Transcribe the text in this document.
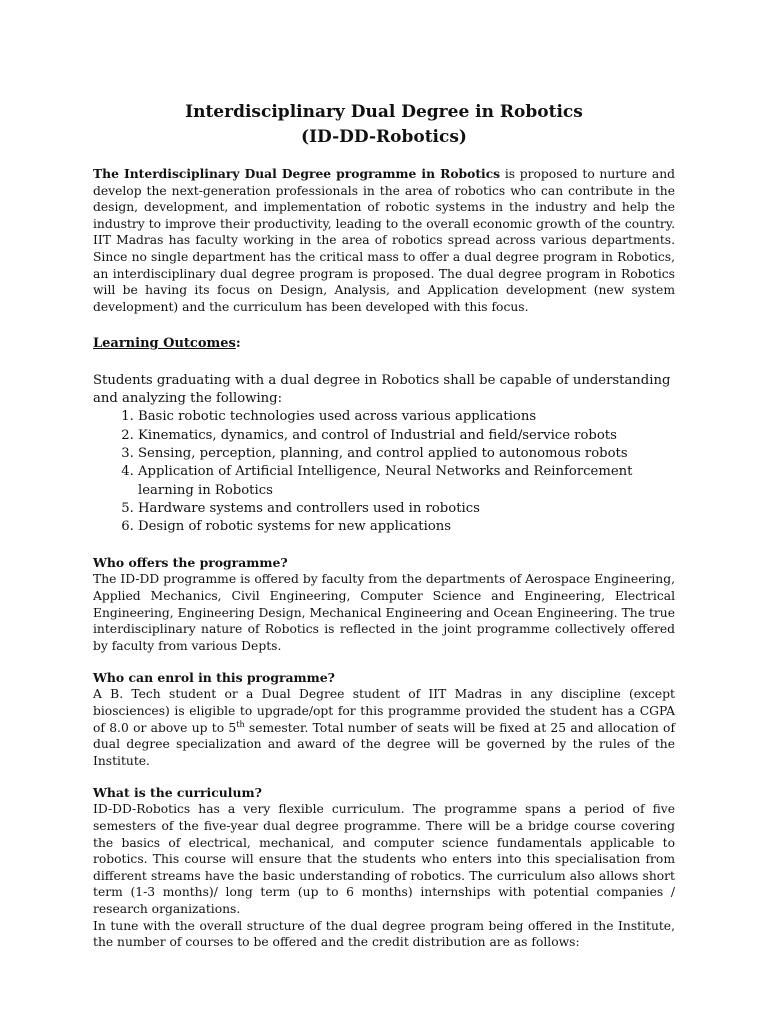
Interdisciplinary Dual Degree in Robotics
(ID-DD-Robotics)

The Interdisciplinary Dual Degree programme in Robotics is proposed to nurture and develop the next-generation professionals in the area of robotics who can contribute in the design, development, and implementation of robotic systems in the industry and help the industry to improve their productivity, leading to the overall economic growth of the country. IIT Madras has faculty working in the area of robotics spread across various departments. Since no single department has the critical mass to offer a dual degree program in Robotics, an interdisciplinary dual degree program is proposed. The dual degree program in Robotics will be having its focus on Design, Analysis, and Application development (new system development) and the curriculum has been developed with this focus.

Learning Outcomes:
Students graduating with a dual degree in Robotics shall be capable of understanding and analyzing the following:
1. Basic robotic technologies used across various applications
2. Kinematics, dynamics, and control of Industrial and field/service robots
3. Sensing, perception, planning, and control applied to autonomous robots
4. Application of Artificial Intelligence, Neural Networks and Reinforcement learning in Robotics
5. Hardware systems and controllers used in robotics
6. Design of robotic systems for new applications
Who offers the programme?

The ID-DD programme is offered by faculty from the departments of Aerospace Engineering, Applied Mechanics, Civil Engineering, Computer Science and Engineering, Electrical Engineering, Engineering Design, Mechanical Engineering and Ocean Engineering. The true interdisciplinary nature of Robotics is reflected in the joint programme collectively offered by faculty from various Depts.

Who can enrol in this programme?

A B. Tech student or a Dual Degree student of IIT Madras in any discipline (except biosciences) is eligible to upgrade/opt for this programme provided the student has a CGPA of 8.0 or above up to 5th semester. Total number of seats will be fixed at 25 and allocation of dual degree specialization and award of the degree will be governed by the rules of the Institute.

What is the curriculum?

ID-DD-Robotics has a very flexible curriculum. The programme spans a period of five semesters of the five-year dual degree programme. There will be a bridge course covering the basics of electrical, mechanical, and computer science fundamentals applicable to robotics. This course will ensure that the students who enters into this specialisation from different streams have the basic understanding of robotics. The curriculum also allows short term (1-3 months)/ long term (up to 6 months) internships with potential companies / research organizations.

In tune with the overall structure of the dual degree program being offered in the Institute, the number of courses to be offered and the credit distribution are as follows:
